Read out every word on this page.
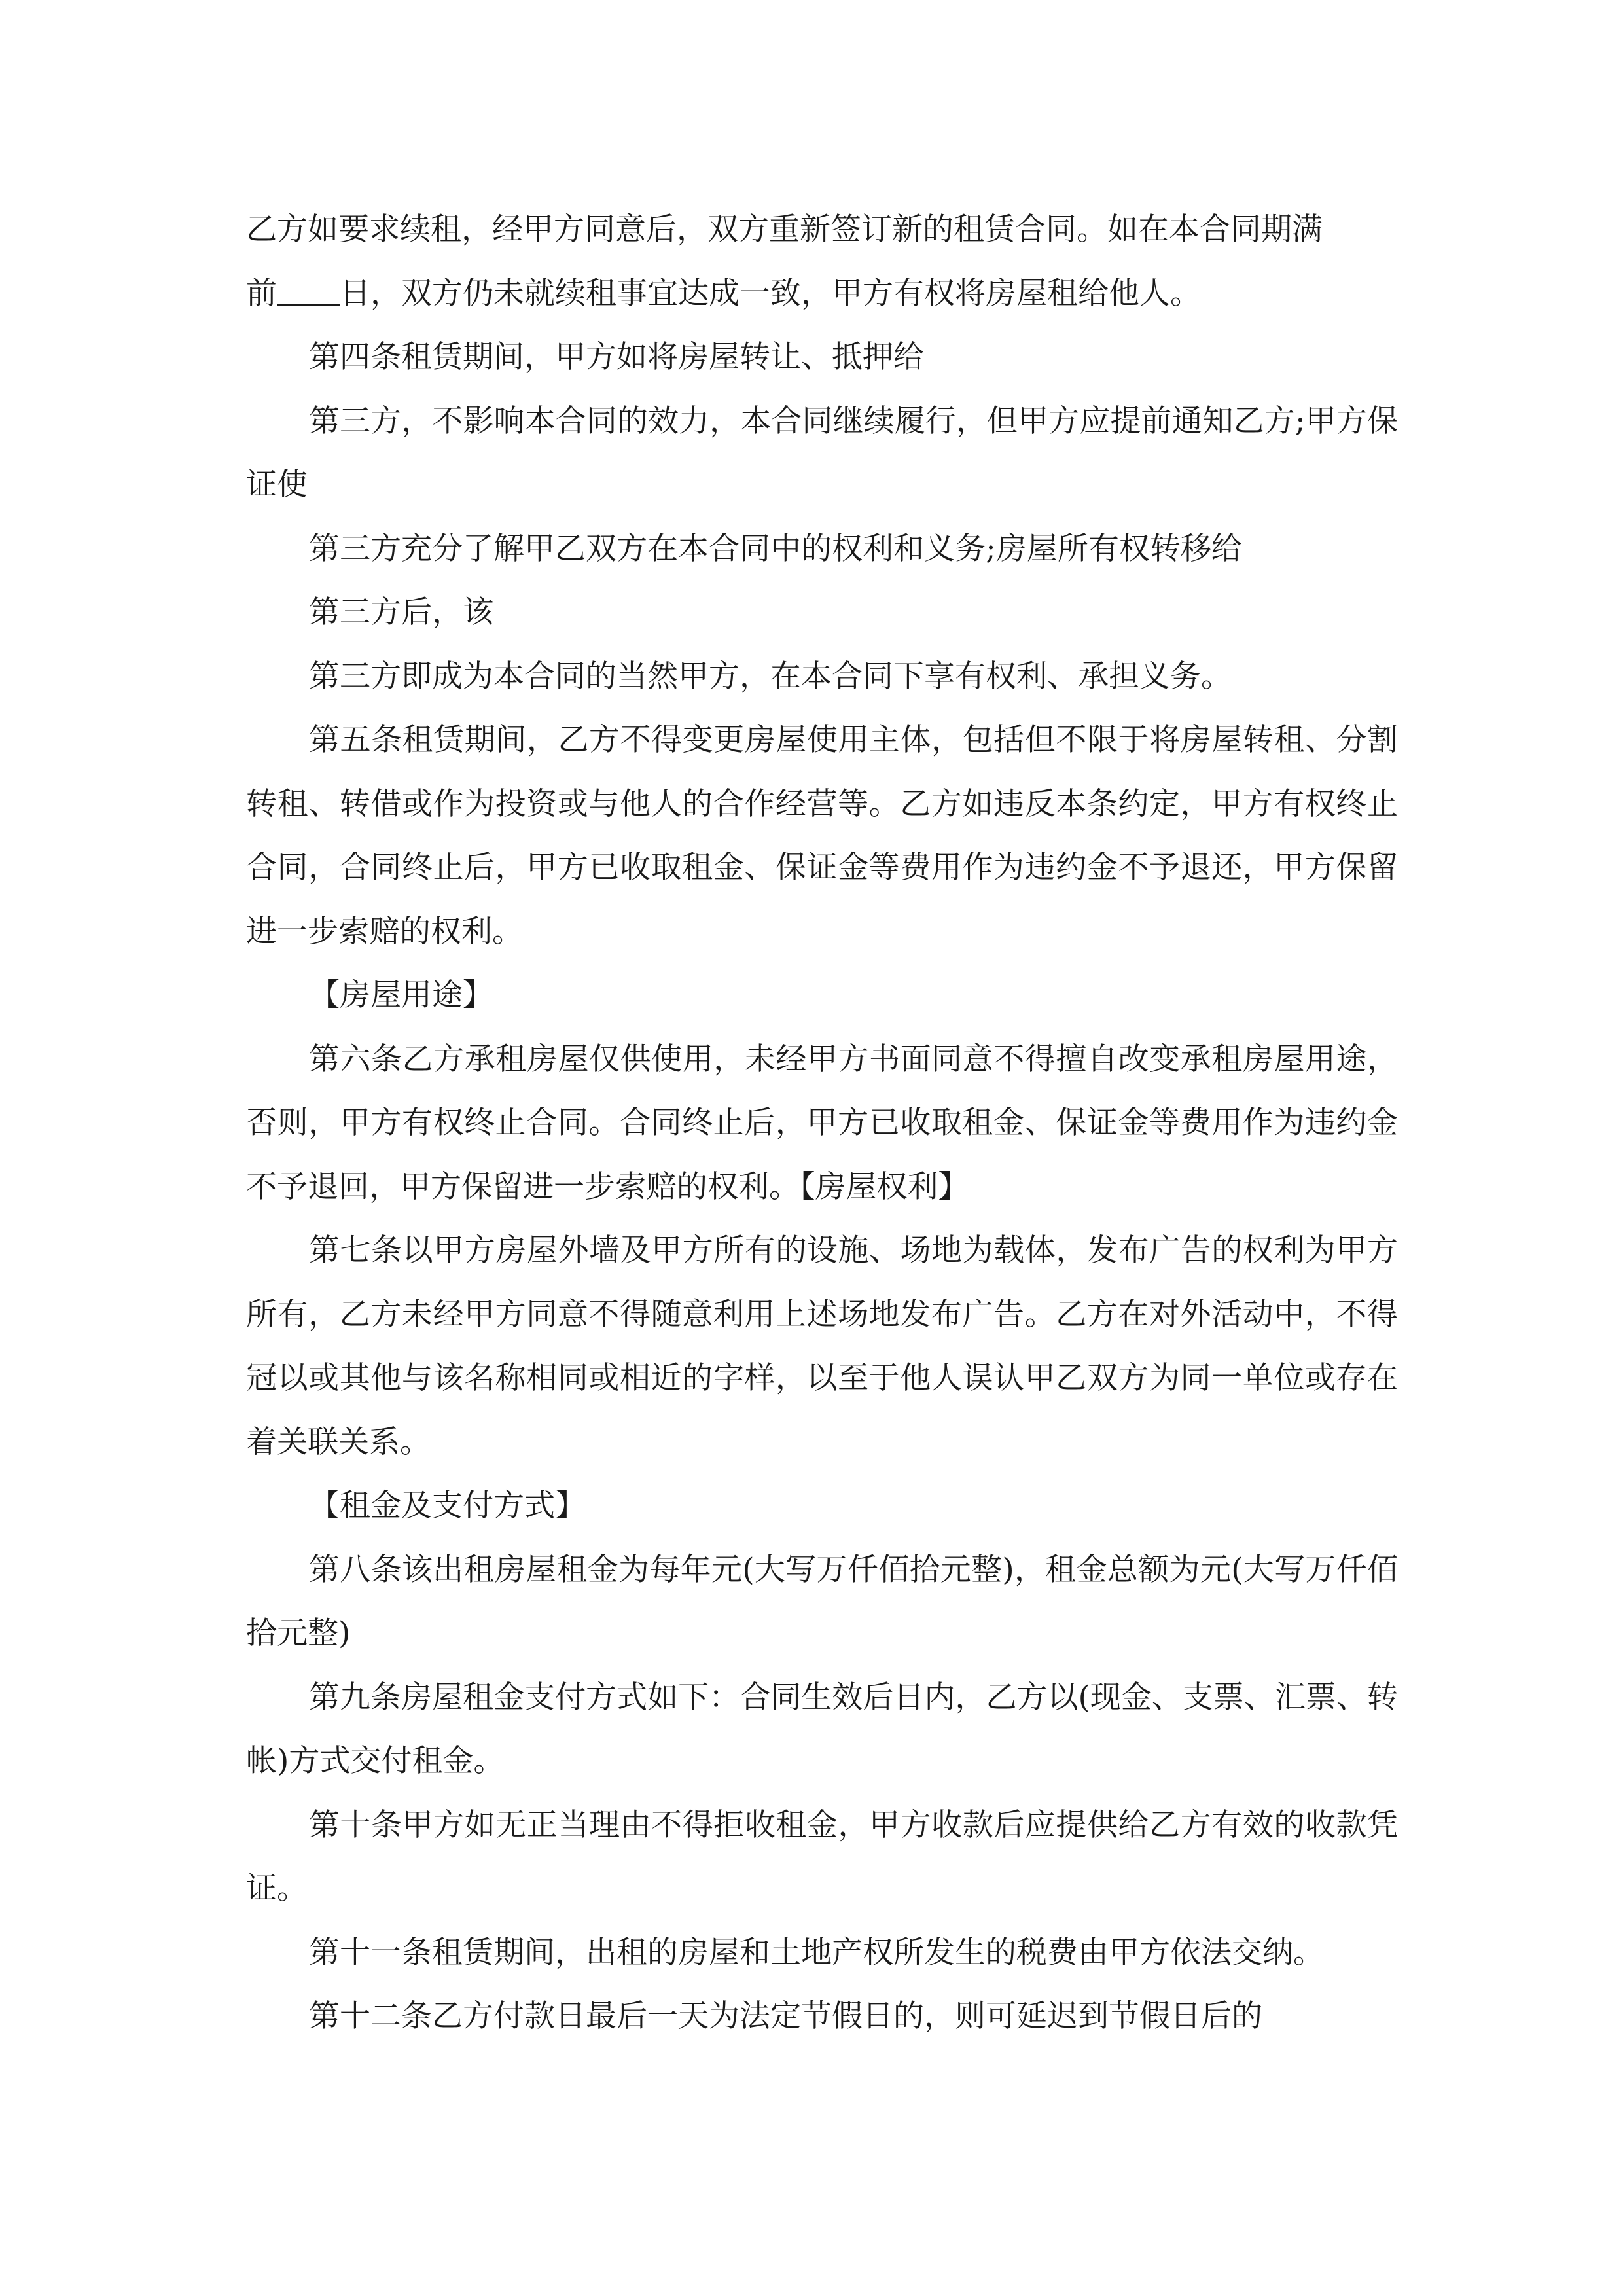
乙方如要求续租，经甲方同意后，双方重新签订新的租赁合同。如在本合同期满
前 日，双方仍未就续租事宜达成一致，甲方有权将房屋租给他人。

第四条租赁期间，甲方如将房屋转让、抵押给

第三方，不影响本合同的效力，本合同继续履行，但甲方应提前通知乙方;甲方保证使

第三方充分了解甲乙双方在本合同中的权利和义务;房屋所有权转移给

第三方后，该

第三方即成为本合同的当然甲方，在本合同下享有权利、承担义务。

第五条租赁期间，乙方不得变更房屋使用主体，包括但不限于将房屋转租、分割转租、转借或作为投资或与他人的合作经营等。乙方如违反本条约定，甲方有权终止合同，合同终止后，甲方已收取租金、保证金等费用作为违约金不予退还，甲方保留进一步索赔的权利。

【房屋用途】

第六条乙方承租房屋仅供使用，未经甲方书面同意不得擅自改变承租房屋用途，否则，甲方有权终止合同。合同终止后，甲方已收取租金、保证金等费用作为违约金不予退回，甲方保留进一步索赔的权利。【房屋权利】

第七条以甲方房屋外墙及甲方所有的设施、场地为载体，发布广告的权利为甲方所有，乙方未经甲方同意不得随意利用上述场地发布广告。乙方在对外活动中，不得冠以或其他与该名称相同或相近的字样，以至于他人误认甲乙双方为同一单位或存在着关联关系。

【租金及支付方式】

第八条该出租房屋租金为每年元(大写万仟佰拾元整)，租金总额为元(大写万仟佰拾元整)

第九条房屋租金支付方式如下：合同生效后日内，乙方以(现金、支票、汇票、转帐)方式交付租金。

第十条甲方如无正当理由不得拒收租金，甲方收款后应提供给乙方有效的收款凭证。

第十一条租赁期间，出租的房屋和土地产权所发生的税费由甲方依法交纳。

第十二条乙方付款日最后一天为法定节假日的，则可延迟到节假日后的
